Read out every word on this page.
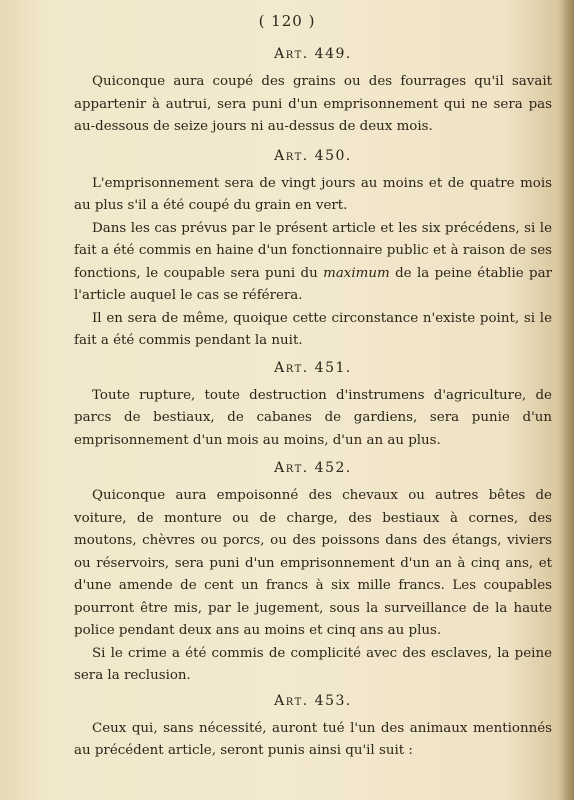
( 120 )
Art. 449.

Quiconque aura coupé des grains ou des fourrages qu'il savait appartenir à autrui, sera puni d'un emprisonnement qui ne sera pas au-dessous de seize jours ni au-dessus de deux mois.

Art. 450.

L'emprisonnement sera de vingt jours au moins et de quatre mois au plus s'il a été coupé du grain en vert.

Dans les cas prévus par le présent article et les six précédens, si le fait a été commis en haine d'un fonctionnaire public et à raison de ses fonctions, le coupable sera puni du maximum de la peine établie par l'article auquel le cas se référera.

Il en sera de même, quoique cette circonstance n'existe point, si le fait a été commis pendant la nuit.

Art. 451.

Toute rupture, toute destruction d'instrumens d'agriculture, de parcs de bestiaux, de cabanes de gardiens, sera punie d'un emprisonnement d'un mois au moins, d'un an au plus.

Art. 452.

Quiconque aura empoisonné des chevaux ou autres bêtes de voiture, de monture ou de charge, des bestiaux à cornes, des moutons, chèvres ou porcs, ou des poissons dans des étangs, viviers ou réservoirs, sera puni d'un emprisonnement d'un an à cinq ans, et d'une amende de cent un francs à six mille francs. Les coupables pourront être mis, par le jugement, sous la surveillance de la haute police pendant deux ans au moins et cinq ans au plus.

Si le crime a été commis de complicité avec des esclaves, la peine sera la reclusion.

Art. 453.

Ceux qui, sans nécessité, auront tué l'un des animaux mentionnés au précédent article, seront punis ainsi qu'il suit :
